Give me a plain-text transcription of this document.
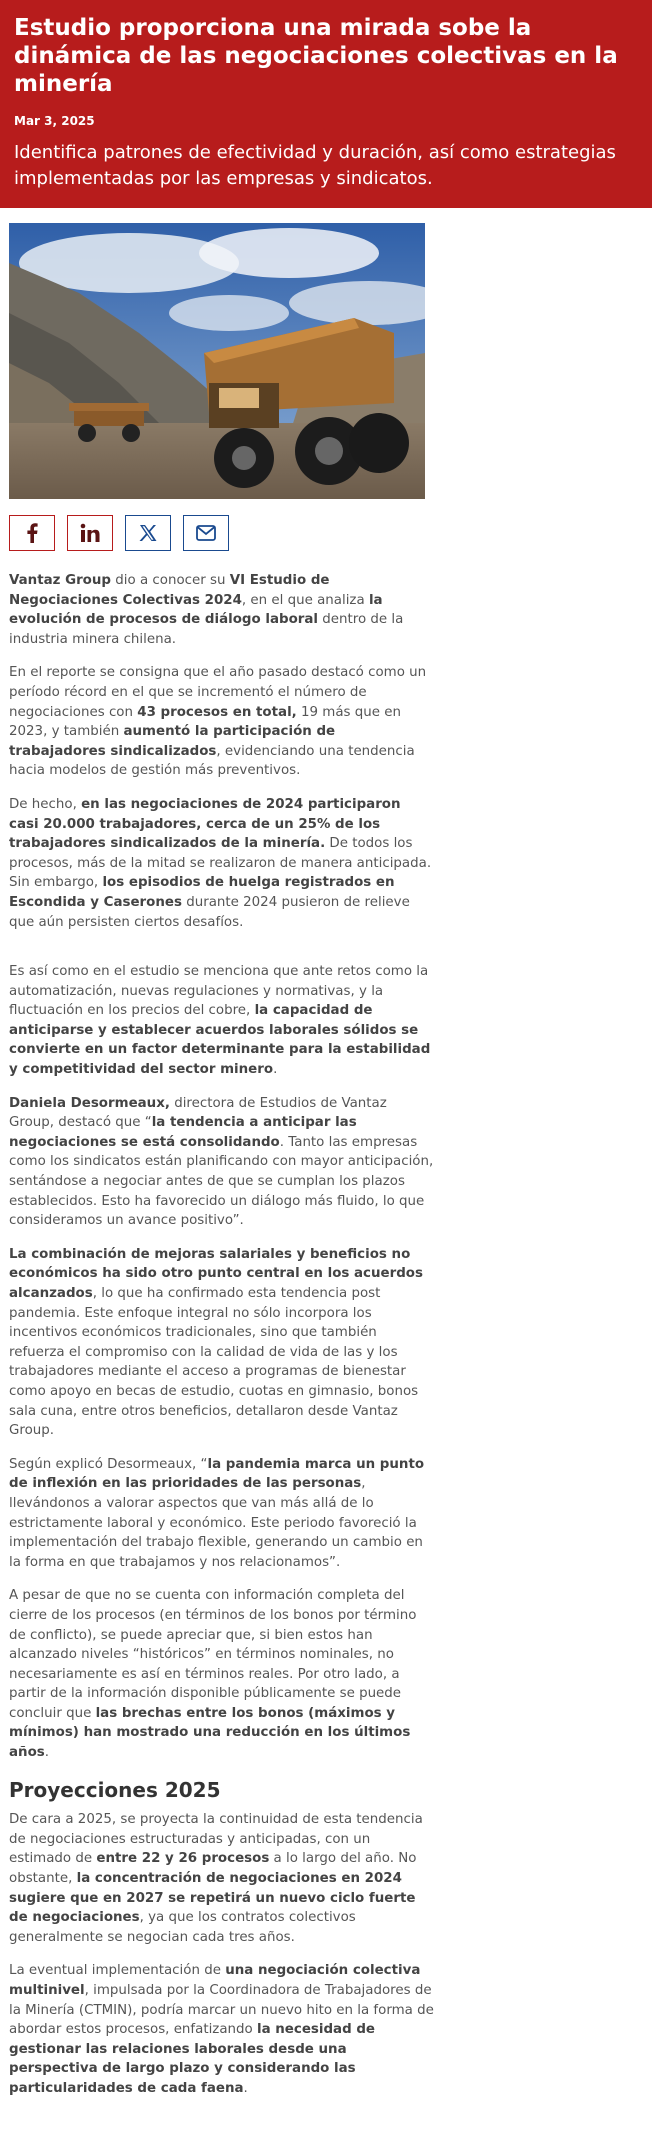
Estudio proporciona una mirada sobe la dinámica de las negociaciones colectivas en la minería
Mar 3, 2025
Identifica patrones de efectividad y duración, así como estrategias implementadas por las empresas y sindicatos.

Vantaz Group dio a conocer su VI Estudio de Negociaciones Colectivas 2024, en el que analiza la evolución de procesos de diálogo laboral dentro de la industria minera chilena.

En el reporte se consigna que el año pasado destacó como un período récord en el que se incrementó el número de negociaciones con 43 procesos en total, 19 más que en 2023, y también aumentó la participación de trabajadores sindicalizados, evidenciando una tendencia hacia modelos de gestión más preventivos.

De hecho, en las negociaciones de 2024 participaron casi 20.000 trabajadores, cerca de un 25% de los trabajadores sindicalizados de la minería. De todos los procesos, más de la mitad se realizaron de manera anticipada. Sin embargo, los episodios de huelga registrados en Escondida y Caserones durante 2024 pusieron de relieve que aún persisten ciertos desafíos.

Es así como en el estudio se menciona que ante retos como la automatización, nuevas regulaciones y normativas, y la fluctuación en los precios del cobre, la capacidad de anticiparse y establecer acuerdos laborales sólidos se convierte en un factor determinante para la estabilidad y competitividad del sector minero.

Daniela Desormeaux, directora de Estudios de Vantaz Group, destacó que “la tendencia a anticipar las negociaciones se está consolidando. Tanto las empresas como los sindicatos están planificando con mayor anticipación, sentándose a negociar antes de que se cumplan los plazos establecidos. Esto ha favorecido un diálogo más fluido, lo que consideramos un avance positivo”.

La combinación de mejoras salariales y beneficios no económicos ha sido otro punto central en los acuerdos alcanzados, lo que ha confirmado esta tendencia post pandemia. Este enfoque integral no sólo incorpora los incentivos económicos tradicionales, sino que también refuerza el compromiso con la calidad de vida de las y los trabajadores mediante el acceso a programas de bienestar como apoyo en becas de estudio, cuotas en gimnasio, bonos sala cuna, entre otros beneficios, detallaron desde Vantaz Group.

Según explicó Desormeaux, “la pandemia marca un punto de inflexión en las prioridades de las personas, llevándonos a valorar aspectos que van más allá de lo estrictamente laboral y económico. Este periodo favoreció la implementación del trabajo flexible, generando un cambio en la forma en que trabajamos y nos relacionamos”.

A pesar de que no se cuenta con información completa del cierre de los procesos (en términos de los bonos por término de conflicto), se puede apreciar que, si bien estos han alcanzado niveles “históricos” en términos nominales, no necesariamente es así en términos reales. Por otro lado, a partir de la información disponible públicamente se puede concluir que las brechas entre los bonos (máximos y mínimos) han mostrado una reducción en los últimos años.

Proyecciones 2025

De cara a 2025, se proyecta la continuidad de esta tendencia de negociaciones estructuradas y anticipadas, con un estimado de entre 22 y 26 procesos a lo largo del año. No obstante, la concentración de negociaciones en 2024 sugiere que en 2027 se repetirá un nuevo ciclo fuerte de negociaciones, ya que los contratos colectivos generalmente se negocian cada tres años.

La eventual implementación de una negociación colectiva multinivel, impulsada por la Coordinadora de Trabajadores de la Minería (CTMIN), podría marcar un nuevo hito en la forma de abordar estos procesos, enfatizando la necesidad de gestionar las relaciones laborales desde una perspectiva de largo plazo y considerando las particularidades de cada faena.
